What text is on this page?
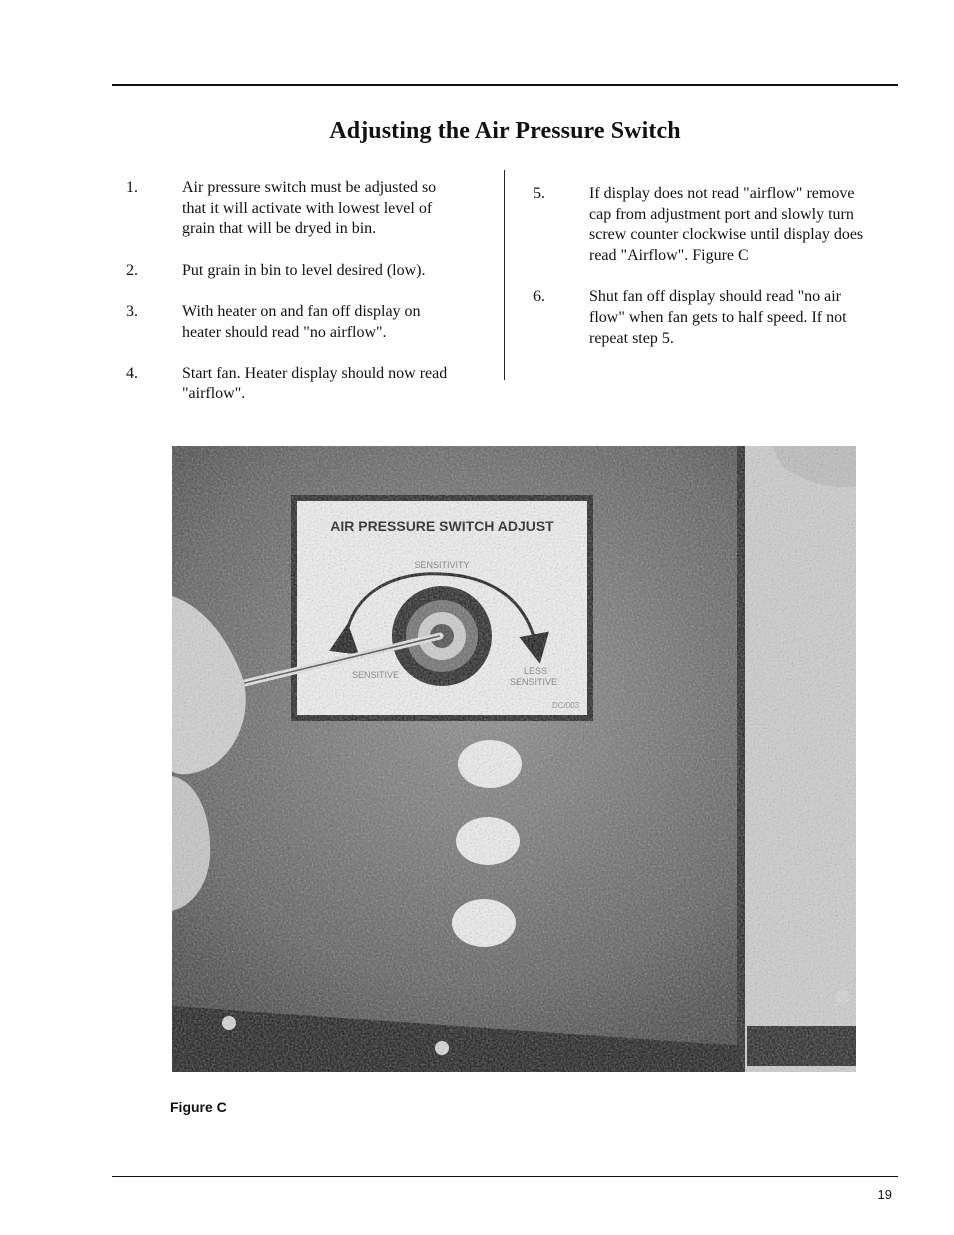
Adjusting the Air Pressure Switch
1.	Air pressure switch must be adjusted so
that it will activate with lowest level of
grain that will be dryed in bin.
2.	Put grain in bin to level desired (low).
3.	With heater on and fan off display on
heater should read "no airflow".
4.	Start fan. Heater display should now read
"airflow".
5.	If display does not read "airflow" remove
cap from adjustment port and slowly turn
screw counter clockwise until display does
read "Airflow". Figure C
6.	Shut fan off display should read "no air
flow" when fan gets to half speed. If not
repeat step 5.
Figure C
19
